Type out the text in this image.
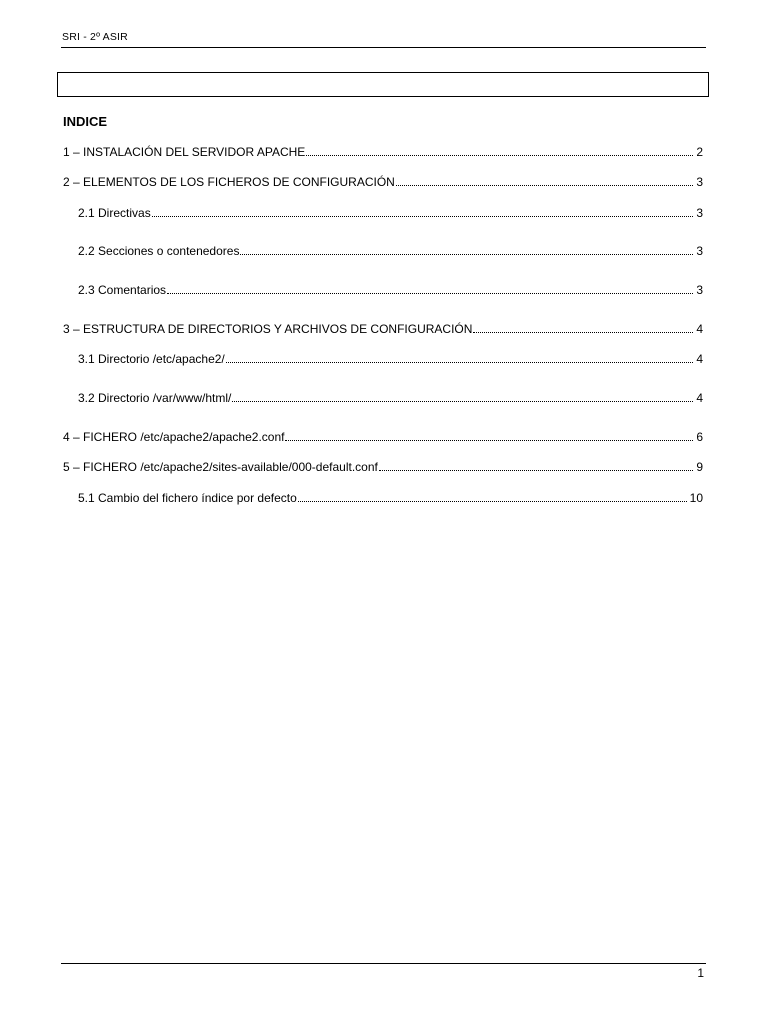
SRI - 2º ASIR
INDICE
1 – INSTALACIÓN DEL SERVIDOR APACHE	2
2 – ELEMENTOS DE LOS FICHEROS DE CONFIGURACIÓN	3
2.1 Directivas	3
2.2 Secciones o contenedores	3
2.3 Comentarios	3
3 – ESTRUCTURA DE DIRECTORIOS Y ARCHIVOS DE CONFIGURACIÓN	4
3.1 Directorio /etc/apache2/	4
3.2 Directorio /var/www/html/	4
4 – FICHERO /etc/apache2/apache2.conf	6
5 – FICHERO /etc/apache2/sites-available/000-default.conf	9
5.1 Cambio del fichero índice por defecto	10
1
